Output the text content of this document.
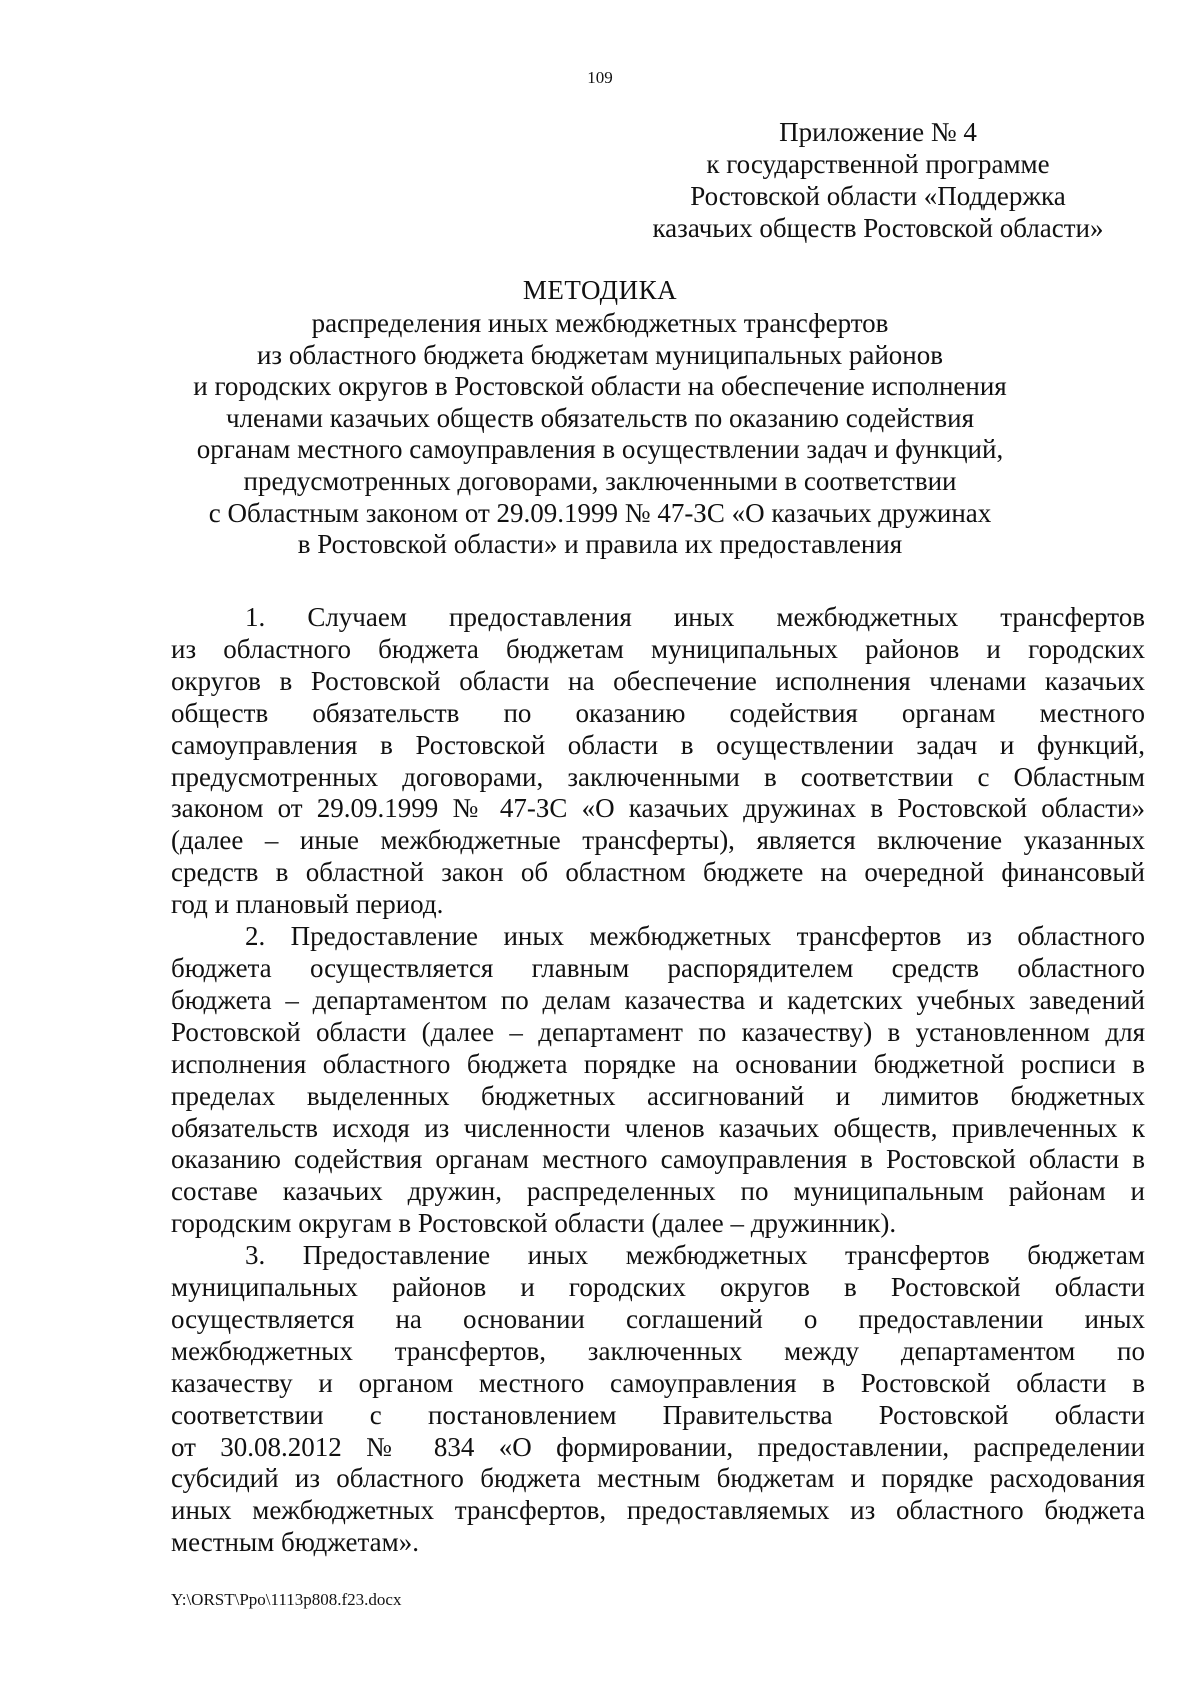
109
Приложение № 4
к государственной программе
Ростовской области «Поддержка
казачьих обществ Ростовской области»
МЕТОДИКА
распределения иных межбюджетных трансфертов
из областного бюджета бюджетам муниципальных районов
и городских округов в Ростовской области на обеспечение исполнения
членами казачьих обществ обязательств по оказанию содействия
органам местного самоуправления в осуществлении задач и функций,
предусмотренных договорами, заключенными в соответствии
с Областным законом от 29.09.1999 № 47-ЗС «О казачьих дружинах
в Ростовской области» и правила их предоставления
1. Случаем предоставления иных межбюджетных трансфертов
из областного бюджета бюджетам муниципальных районов и городских
округов в Ростовской области на обеспечение исполнения членами казачьих
обществ обязательств по оказанию содействия органам местного
самоуправления в Ростовской области в осуществлении задач и функций,
предусмотренных договорами, заключенными в соответствии с Областным
законом от 29.09.1999 № 47-ЗС «О казачьих дружинах в Ростовской области»
(далее – иные межбюджетные трансферты), является включение указанных
средств в областной закон об областном бюджете на очередной финансовый
год и плановый период.
2. Предоставление иных межбюджетных трансфертов из областного
бюджета осуществляется главным распорядителем средств областного
бюджета – департаментом по делам казачества и кадетских учебных заведений
Ростовской области (далее – департамент по казачеству) в установленном для
исполнения областного бюджета порядке на основании бюджетной росписи в
пределах выделенных бюджетных ассигнований и лимитов бюджетных
обязательств исходя из численности членов казачьих обществ, привлеченных к
оказанию содействия органам местного самоуправления в Ростовской области в
составе казачьих дружин, распределенных по муниципальным районам и
городским округам в Ростовской области (далее – дружинник).
3. Предоставление иных межбюджетных трансфертов бюджетам
муниципальных районов и городских округов в Ростовской области
осуществляется на основании соглашений о предоставлении иных
межбюджетных трансфертов, заключенных между департаментом по
казачеству и органом местного самоуправления в Ростовской области в
соответствии с постановлением Правительства Ростовской области
от 30.08.2012 № 834 «О формировании, предоставлении, распределении
субсидий из областного бюджета местным бюджетам и порядке расходования
иных межбюджетных трансфертов, предоставляемых из областного бюджета
местным бюджетам».
Y:\ORST\Ppo\1113p808.f23.docx
